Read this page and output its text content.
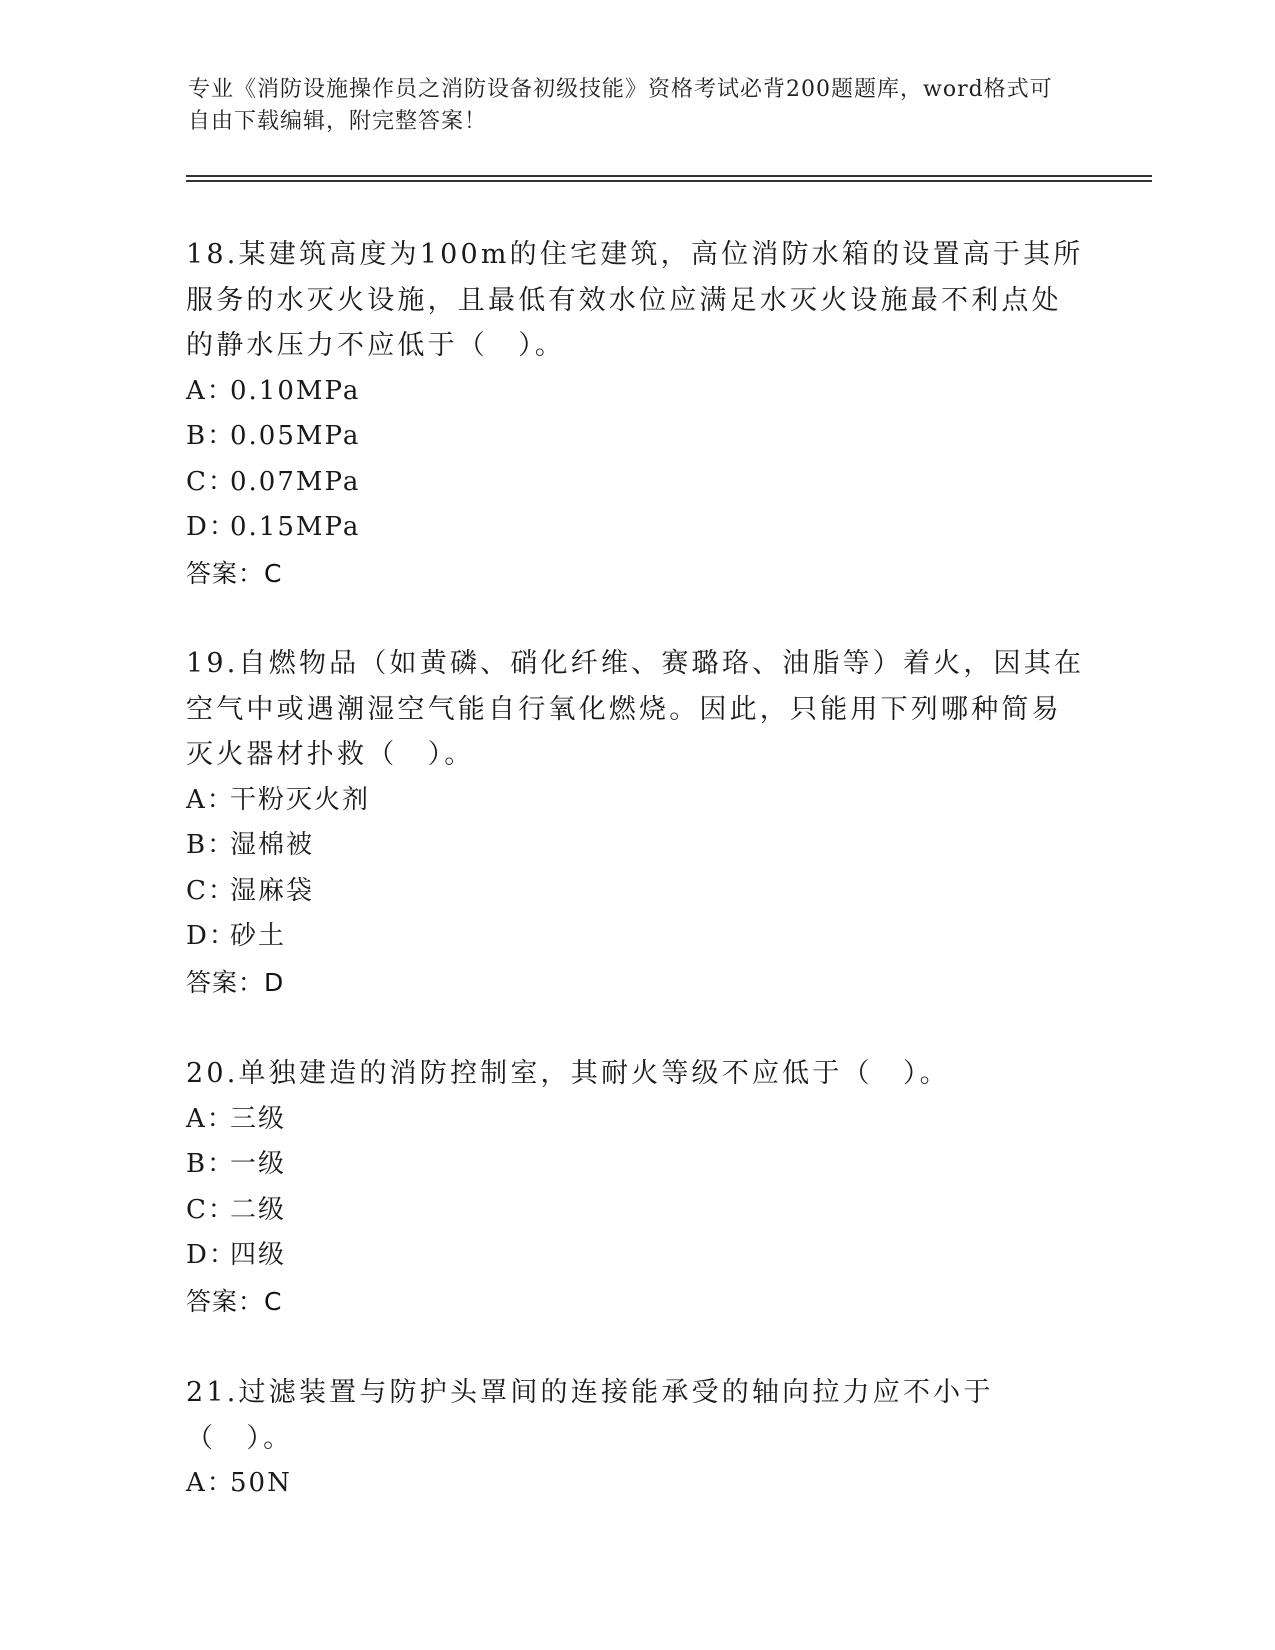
专业《消防设施操作员之消防设备初级技能》资格考试必背200题题库，word格式可自由下载编辑，附完整答案！

18.某建筑高度为100m的住宅建筑，高位消防水箱的设置高于其所服务的水灭火设施，且最低有效水位应满足水灭火设施最不利点处的静水压力不应低于（　）。

A：0.10MPa

B：0.05MPa

C：0.07MPa

D：0.15MPa

答案：C

19.自燃物品（如黄磷、硝化纤维、赛璐珞、油脂等）着火，因其在空气中或遇潮湿空气能自行氧化燃烧。因此，只能用下列哪种简易灭火器材扑救（　）。

A：干粉灭火剂

B：湿棉被

C：湿麻袋

D：砂土

答案：D

20.单独建造的消防控制室，其耐火等级不应低于（　）。

A：三级

B：一级

C：二级

D：四级

答案：C

21.过滤装置与防护头罩间的连接能承受的轴向拉力应不小于（　）。

A：50N
